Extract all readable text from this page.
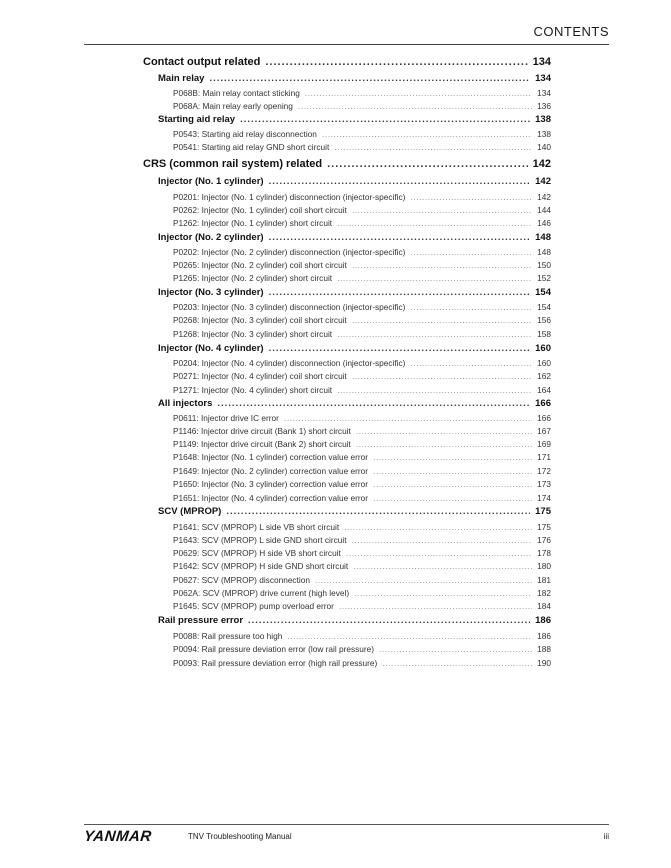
CONTENTS
Contact output related .....	134
Main relay .....	134
P068B: Main relay contact sticking .....	134
P068A: Main relay early opening .....	136
Starting aid relay .....	138
P0543: Starting aid relay disconnection .....	138
P0541: Starting aid relay GND short circuit .....	140
CRS (common rail system) related .....	142
Injector (No. 1 cylinder) .....	142
P0201: Injector (No. 1 cylinder) disconnection (injector-specific) .....	142
P0262: Injector (No. 1 cylinder) coil short circuit .....	144
P1262: Injector (No. 1 cylinder) short circuit .....	146
Injector (No. 2 cylinder) .....	148
P0202: Injector (No. 2 cylinder) disconnection (injector-specific) .....	148
P0265: Injector (No. 2 cylinder) coil short circuit .....	150
P1265: Injector (No. 2 cylinder) short circuit .....	152
Injector (No. 3 cylinder) .....	154
P0203: Injector (No. 3 cylinder) disconnection (injector-specific) .....	154
P0268: Injector (No. 3 cylinder) coil short circuit .....	156
P1268: Injector (No. 3 cylinder) short circuit .....	158
Injector (No. 4 cylinder) .....	160
P0204: Injector (No. 4 cylinder) disconnection (injector-specific) .....	160
P0271: Injector (No. 4 cylinder) coil short circuit .....	162
P1271: Injector (No. 4 cylinder) short circuit .....	164
All injectors .....	166
P0611: Injector drive IC error .....	166
P1146: Injector drive circuit (Bank 1) short circuit .....	167
P1149: Injector drive circuit (Bank 2) short circuit .....	169
P1648: Injector (No. 1 cylinder) correction value error .....	171
P1649: Injector (No. 2 cylinder) correction value error .....	172
P1650: Injector (No. 3 cylinder) correction value error .....	173
P1651: Injector (No. 4 cylinder) correction value error .....	174
SCV (MPROP) .....	175
P1641: SCV (MPROP) L side VB short circuit .....	175
P1643: SCV (MPROP) L side GND short circuit .....	176
P0629: SCV (MPROP) H side VB short circuit .....	178
P1642: SCV (MPROP) H side GND short circuit .....	180
P0627: SCV (MPROP) disconnection .....	181
P062A: SCV (MPROP) drive current (high level) .....	182
P1645: SCV (MPROP) pump overload error .....	184
Rail pressure error .....	186
P0088: Rail pressure too high .....	186
P0094: Rail pressure deviation error (low rail pressure) .....	188
P0093: Rail pressure deviation error (high rail pressure) .....	190
YANMAR	TNV Troubleshooting Manual	iii
